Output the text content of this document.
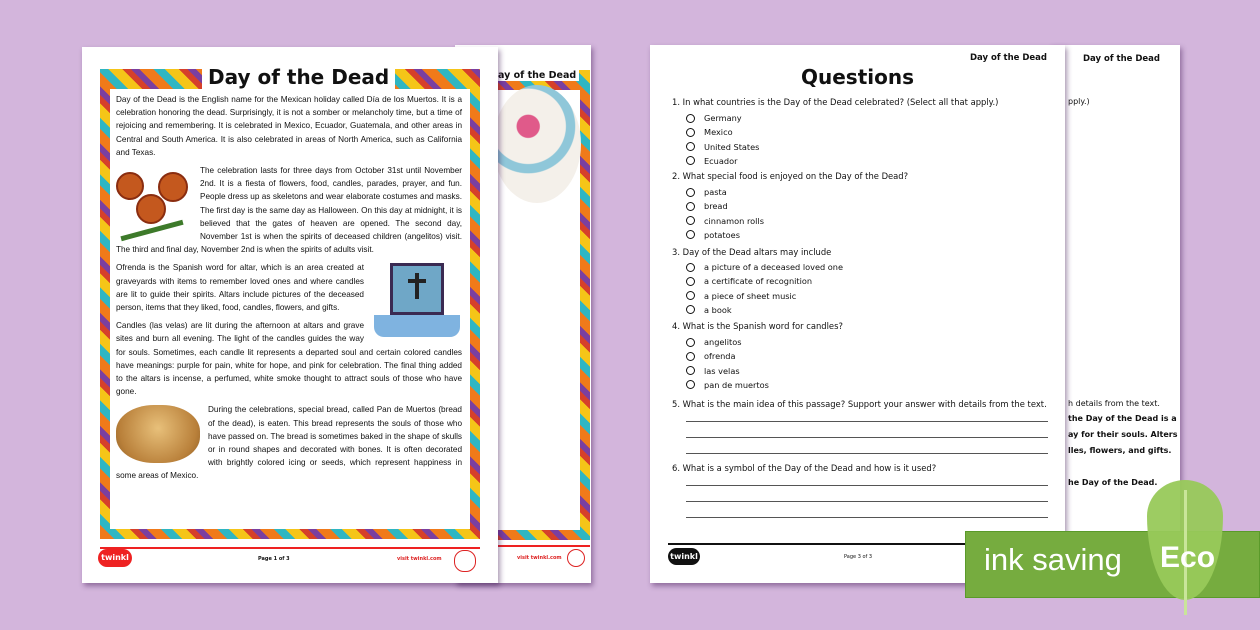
ay of the Dead
visit twinkl.com
Day of the Dead

Day of the Dead is the English name for the Mexican holiday called Día de los Muertos. It is a celebration honoring the dead. Surprisingly, it is not a somber or melancholy time, but a time of rejoicing and remembering. It is celebrated in Mexico, Ecuador, Guatemala, and other areas in Central and South America. It is also celebrated in areas of North America, such as California and Texas.

The celebration lasts for three days from October 31st until November 2nd. It is a fiesta of flowers, food, candles, parades, prayer, and fun. People dress up as skeletons and wear elaborate costumes and masks. The first day is the same day as Halloween. On this day at midnight, it is believed that the gates of heaven are opened. The second day, November 1st is when the spirits of deceased children (angelitos) visit. The third and final day, November 2nd is when the spirits of adults visit.

Ofrenda is the Spanish word for altar, which is an area created at graveyards with items to remember loved ones and where candles are lit to guide their spirits. Altars include pictures of the deceased person, items that they liked, food, candles, flowers, and gifts.

Candles (las velas) are lit during the afternoon at altars and grave sites and burn all evening. The light of the candles guides the way for souls. Sometimes, each candle lit represents a departed soul and certain colored candles have meanings: purple for pain, white for hope, and pink for celebration. The final thing added to the altars is incense, a perfumed, white smoke thought to attract souls of those who have gone.

During the celebrations, special bread, called Pan de Muertos (bread of the dead), is eaten. This bread represents the souls of those who have passed on. The bread is sometimes baked in the shape of skulls or in round shapes and decorated with bones. It is often decorated with brightly colored icing or seeds, which represent happiness in some areas of Mexico.

twinkl	Page 1 of 3	visit twinkl.com
Day of the Dead
pply.)
h details from the text.
the Day of the Dead is a
ay for their souls. Alters
lles, flowers, and gifts.
he Day of the Dead.
Day of the Dead
Questions
1. In what countries is the Day of the Dead celebrated? (Select all that apply.)
Germany
Mexico
United States
Ecuador
2. What special food is enjoyed on the Day of the Dead?
pasta
bread
cinnamon rolls
potatoes
3. Day of the Dead altars may include
a picture of a deceased loved one
a certificate of recognition
a piece of sheet music
a book
4. What is the Spanish word for candles?
angelitos
ofrenda
las velas
pan de muertos
5. What is the main idea of this passage? Support your answer with details from the text.
6. What is a symbol of the Day of the Dead and how is it used?
twinkl	Page 3 of 3	ink saving Eco
